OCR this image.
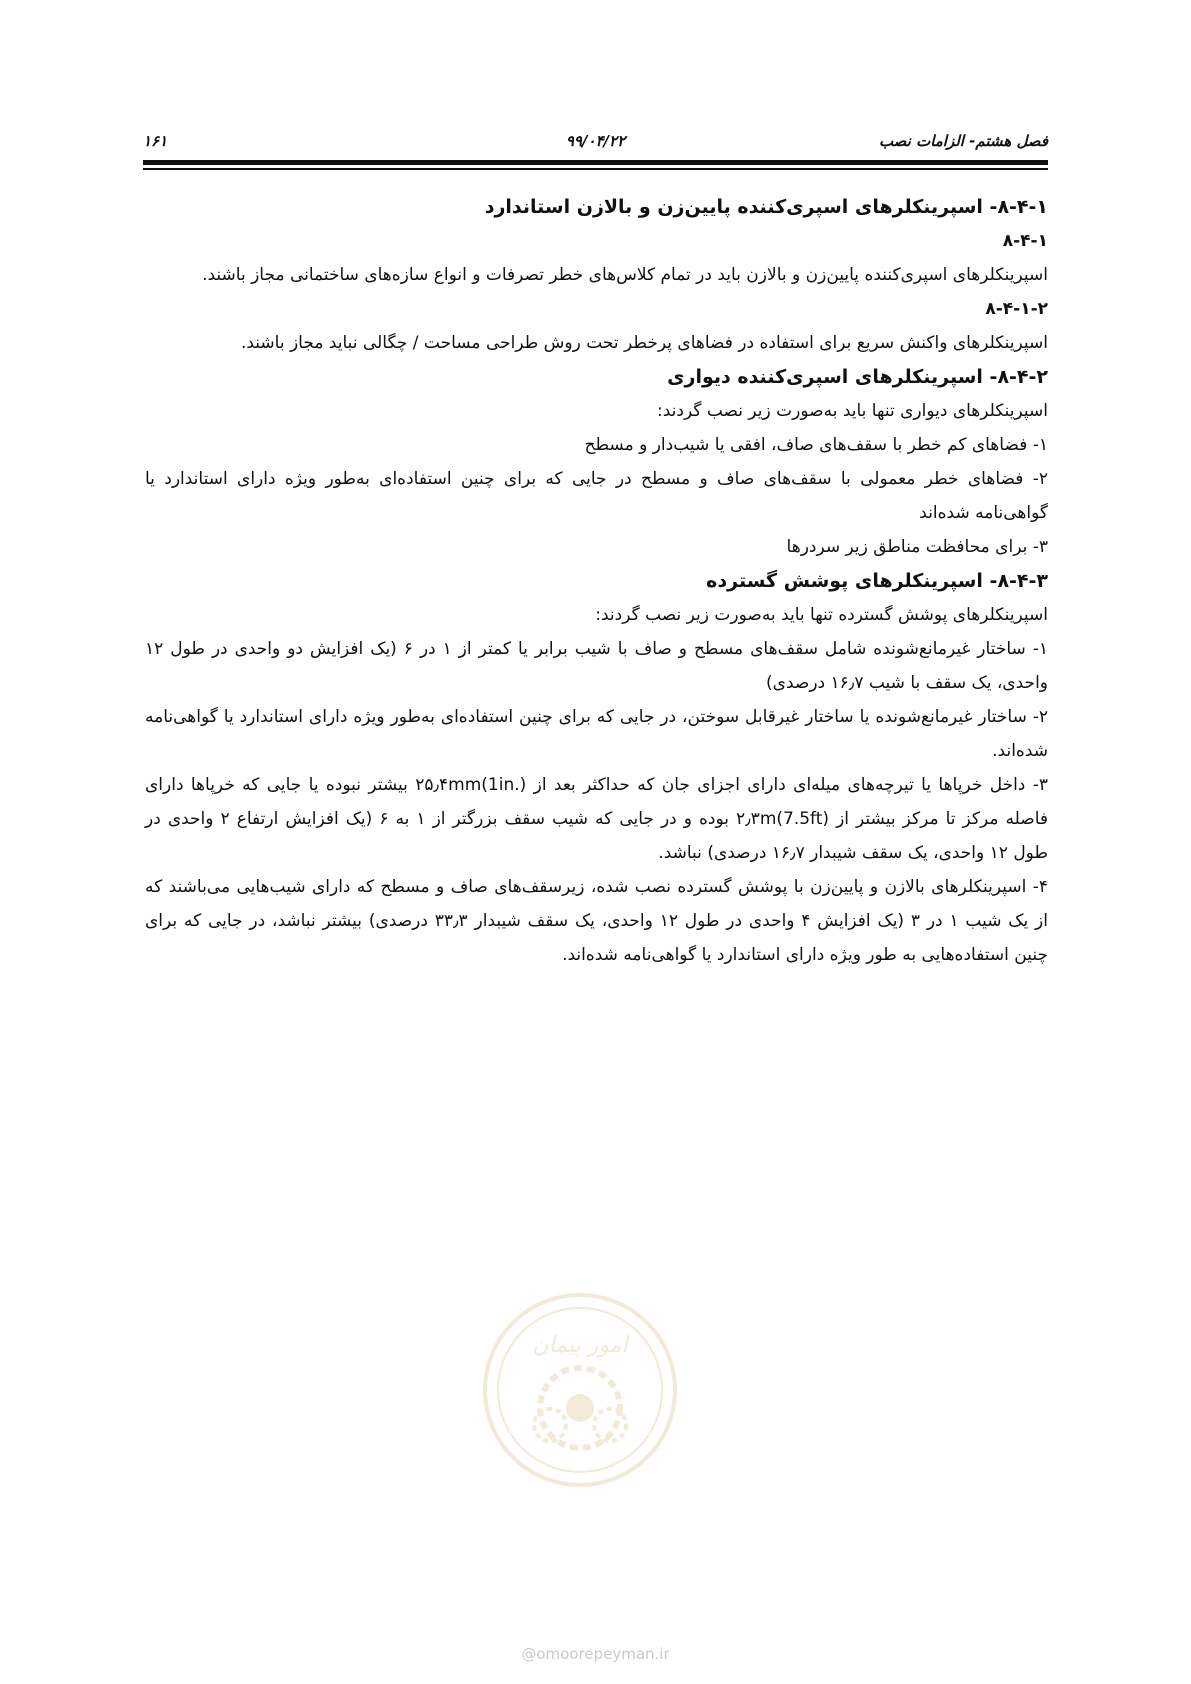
فصل هشتم- الزامات نصب
۹۹/۰۴/۲۲
۱۶۱

۸-۴-۱- اسپرینکلرهای اسپری‌کننده پایین‌زن و بالازن استاندارد

۸-۴-۱

اسپرینکلرهای اسپری‌کننده پایین‌زن و بالازن باید در تمام کلاس‌های خطر تصرفات و انواع سازه‌های ساختمانی مجاز باشند.

۸-۴-۱-۲

اسپرینکلرهای واکنش سریع برای استفاده در فضاهای پرخطر تحت روش طراحی مساحت / چگالی نباید مجاز باشند.

۸-۴-۲- اسپرینکلرهای اسپری‌کننده دیواری

اسپرینکلرهای دیواری تنها باید به‌صورت زیر نصب گردند:

۱- فضاهای کم خطر با سقف‌های صاف، افقی یا شیب‌دار و مسطح

۲- فضاهای خطر معمولی با سقف‌های صاف و مسطح در جایی که برای چنین استفاده‌ای به‌طور ویژه دارای استاندارد یا گواهی‌نامه شده‌اند

۳- برای محافظت مناطق زیر سردرها

۸-۴-۳- اسپرینکلرهای پوشش گسترده

اسپرینکلرهای پوشش گسترده تنها باید به‌صورت زیر نصب گردند:

۱- ساختار غیرمانع‌شونده شامل سقف‌های مسطح و صاف با شیب برابر یا کمتر از ۱ در ۶ (یک افزایش دو واحدی در طول ۱۲ واحدی، یک سقف با شیب ۱۶٫۷ درصدی)

۲- ساختار غیرمانع‌شونده یا ساختار غیرقابل سوختن، در جایی که برای چنین استفاده‌ای به‌طور ویژه دارای استاندارد یا گواهی‌نامه شده‌اند.

۳- داخل خرپاها یا تیرچه‌های میله‌ای دارای اجزای جان که حداکثر بعد از ۲۵٫۴mm(1in.) بیشتر نبوده یا جایی که خرپاها دارای فاصله مرکز تا مرکز بیشتر از ۲٫۳m(7.5ft) بوده و در جایی که شیب سقف بزرگتر از ۱ به ۶ (یک افزایش ارتفاع ۲ واحدی در طول ۱۲ واحدی، یک سقف شیبدار ۱۶٫۷ درصدی) نباشد.

۴- اسپرینکلرهای بالازن و پایین‌زن با پوشش گسترده نصب شده، زیرسقف‌های صاف و مسطح که دارای شیب‌هایی می‌باشند که از یک شیب ۱ در ۳ (یک افزایش ۴ واحدی در طول ۱۲ واحدی، یک سقف شیبدار ۳۳٫۳ درصدی) بیشتر نباشد، در جایی که برای چنین استفاده‌هایی به طور ویژه دارای استاندارد یا گواهی‌نامه شده‌اند.

امور پیمان
@omoorepeyman.ir
